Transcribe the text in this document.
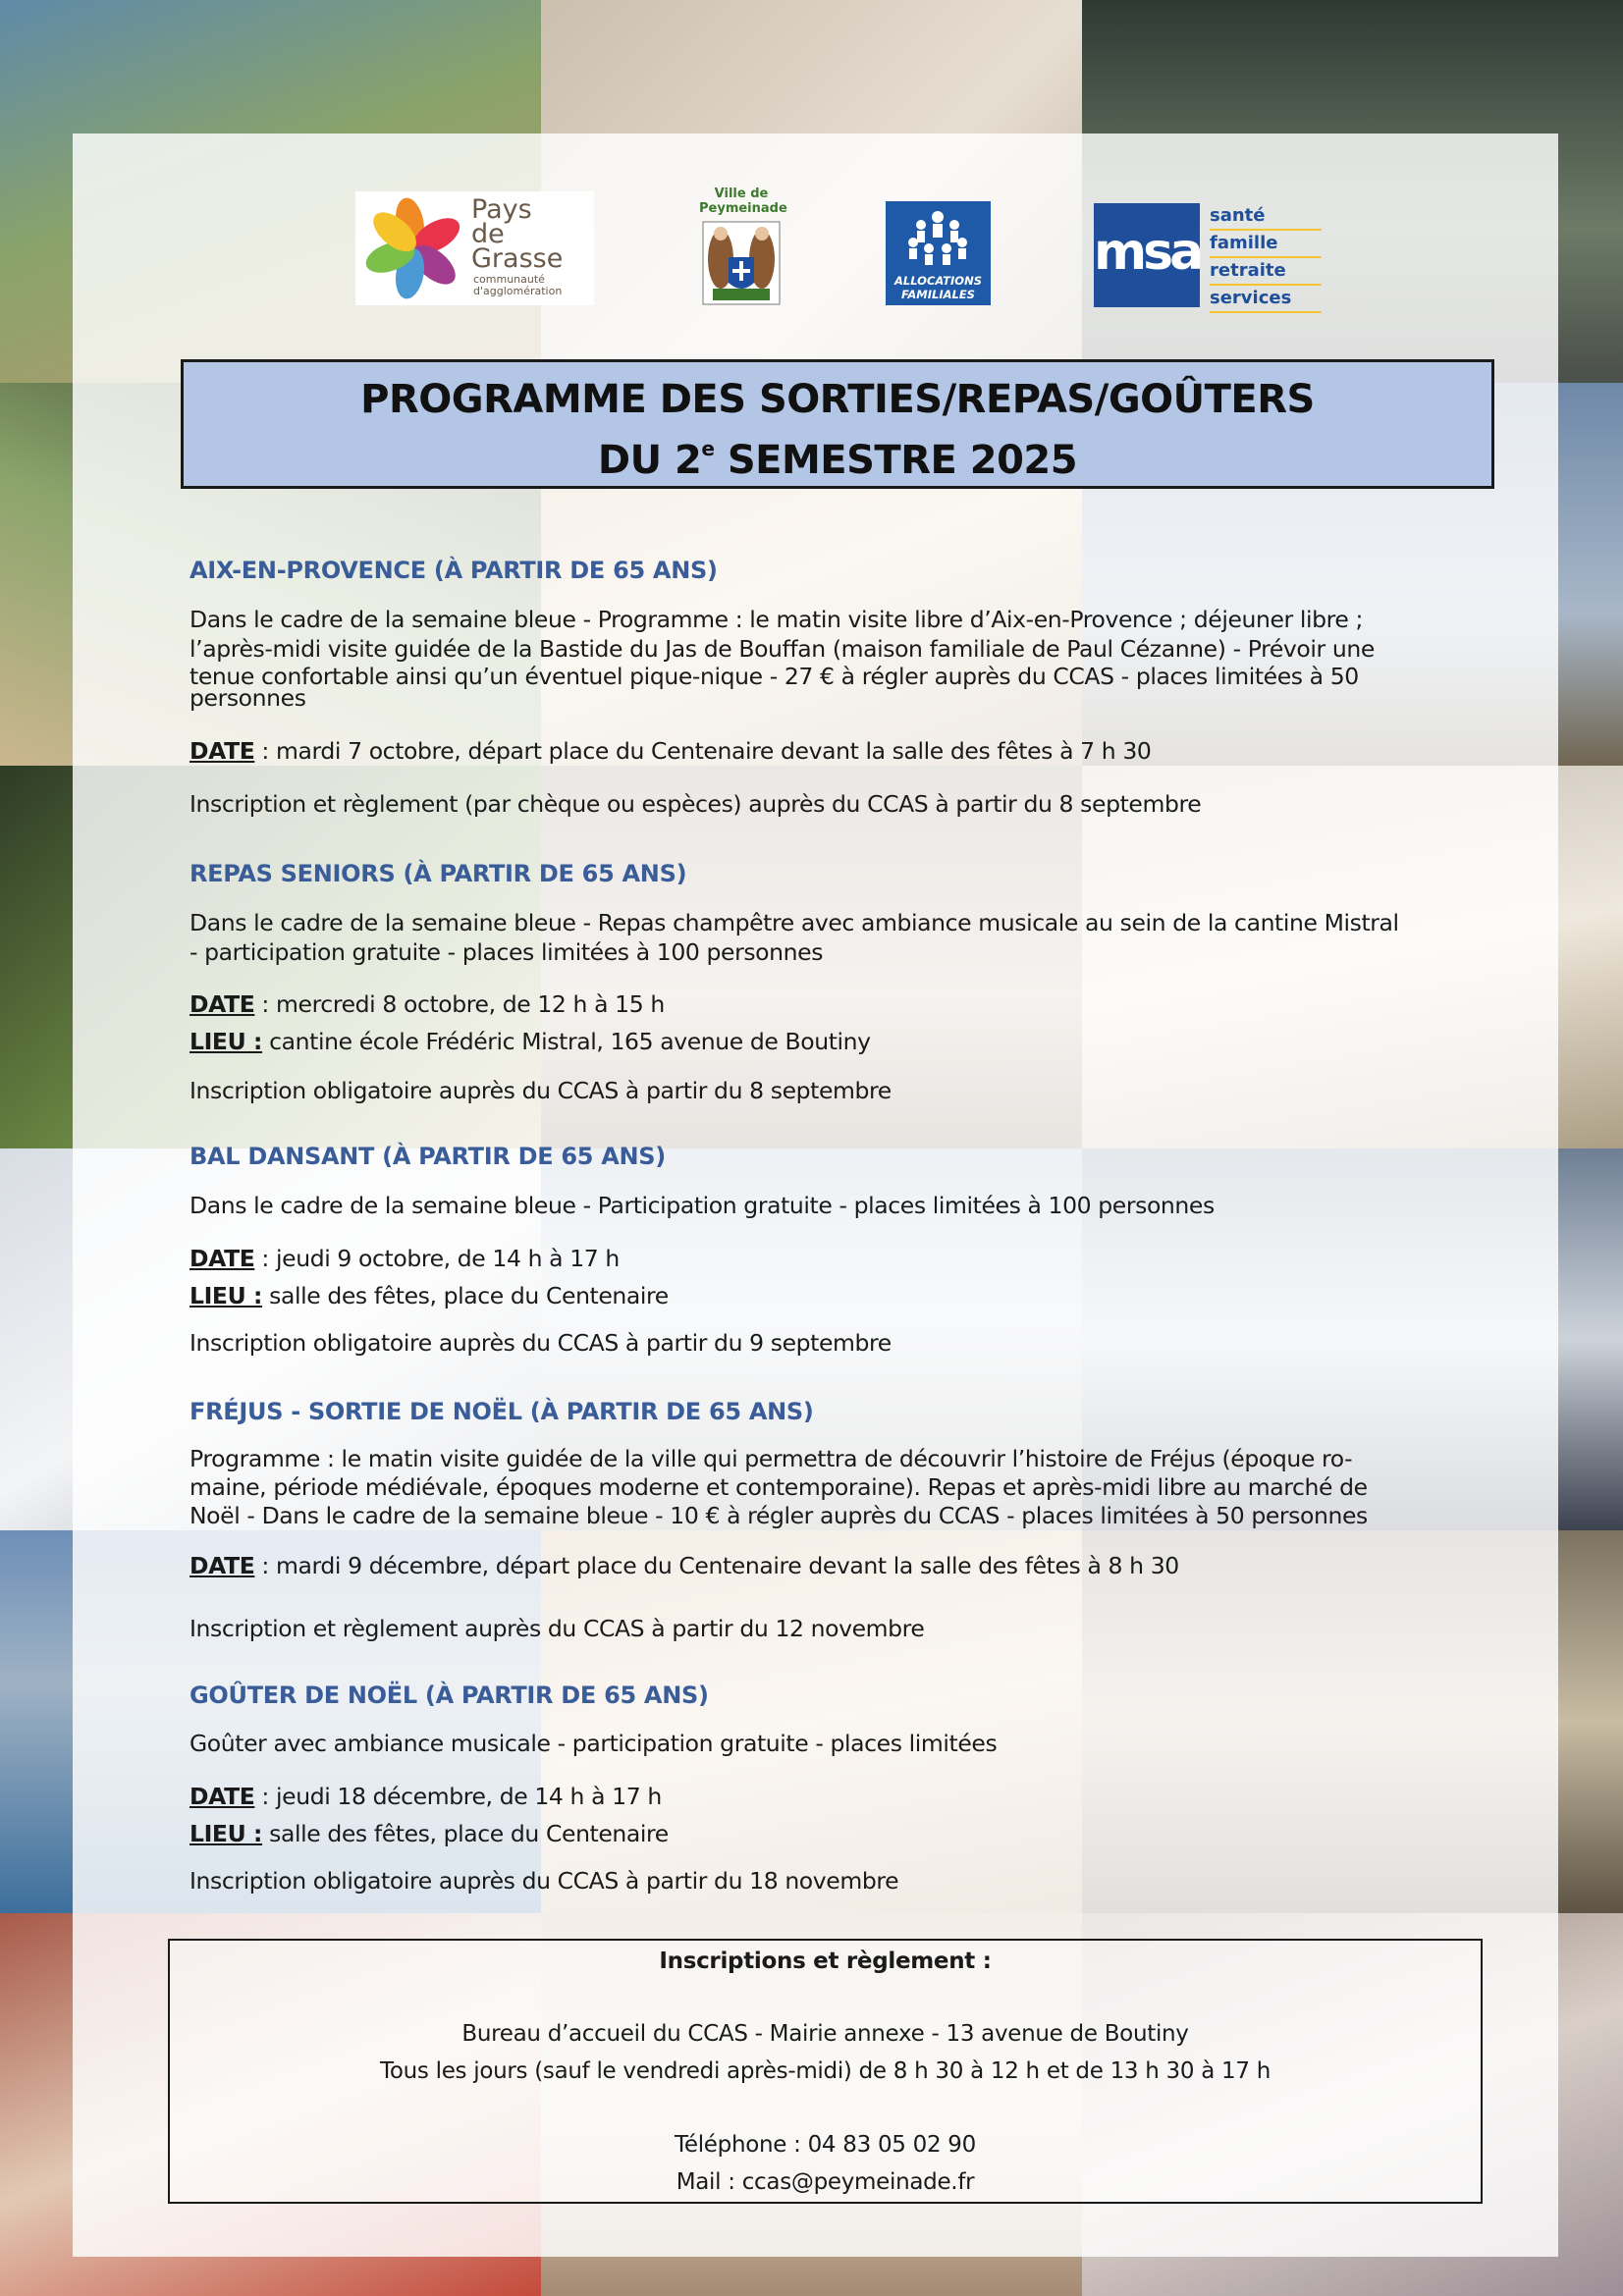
Pays
de
Grasse
communauté
d'agglomération
Ville de
Peymeinade
ALLOCATIONS
FAMILIALES
msa
santé
famille
retraite
services
PROGRAMME DES SORTIES/REPAS/GOÛTERS
DU 2e SEMESTRE 2025

AIX-EN-PROVENCE (À PARTIR DE 65 ANS)

Dans le cadre de la semaine bleue - Programme : le matin visite libre d’Aix-en-Provence ; déjeuner libre ;

l’après-midi visite guidée de la Bastide du Jas de Bouffan (maison familiale de Paul Cézanne) - Prévoir une

tenue confortable ainsi qu’un éventuel pique-nique - 27 € à régler auprès du CCAS - places limitées à 50

personnes

DATE : mardi 7 octobre, départ place du Centenaire devant la salle des fêtes à 7 h 30
Inscription et règlement (par chèque ou espèces) auprès du CCAS à partir du 8 septembre

REPAS SENIORS (À PARTIR DE 65 ANS)

Dans le cadre de la semaine bleue - Repas champêtre avec ambiance musicale au sein de la cantine Mistral

- participation gratuite - places limitées à 100 personnes

DATE : mercredi 8 octobre, de 12 h à 15 h
LIEU : cantine école Frédéric Mistral, 165 avenue de Boutiny
Inscription obligatoire auprès du CCAS à partir du 8 septembre

BAL DANSANT (À PARTIR DE 65 ANS)

Dans le cadre de la semaine bleue - Participation gratuite - places limitées à 100 personnes

DATE : jeudi 9 octobre, de 14 h à 17 h
LIEU : salle des fêtes, place du Centenaire
Inscription obligatoire auprès du CCAS à partir du 9 septembre

FRÉJUS - SORTIE DE NOËL (À PARTIR DE 65 ANS)

Programme : le matin visite guidée de la ville qui permettra de découvrir l’histoire de Fréjus (époque ro-

maine, période médiévale, époques moderne et contemporaine). Repas et après-midi libre au marché de

Noël - Dans le cadre de la semaine bleue - 10 € à régler auprès du CCAS - places limitées à 50 personnes

DATE : mardi 9 décembre, départ place du Centenaire devant la salle des fêtes à 8 h 30
Inscription et règlement auprès du CCAS à partir du 12 novembre

GOÛTER DE NOËL (À PARTIR DE 65 ANS)

Goûter avec ambiance musicale - participation gratuite - places limitées

DATE : jeudi 18 décembre, de 14 h à 17 h
LIEU : salle des fêtes, place du Centenaire
Inscription obligatoire auprès du CCAS à partir du 18 novembre
Inscriptions et règlement :
Bureau d’accueil du CCAS - Mairie annexe - 13 avenue de Boutiny
Tous les jours (sauf le vendredi après-midi) de 8 h 30 à 12 h et de 13 h 30 à 17 h
Téléphone : 04 83 05 02 90
Mail : ccas@peymeinade.fr
